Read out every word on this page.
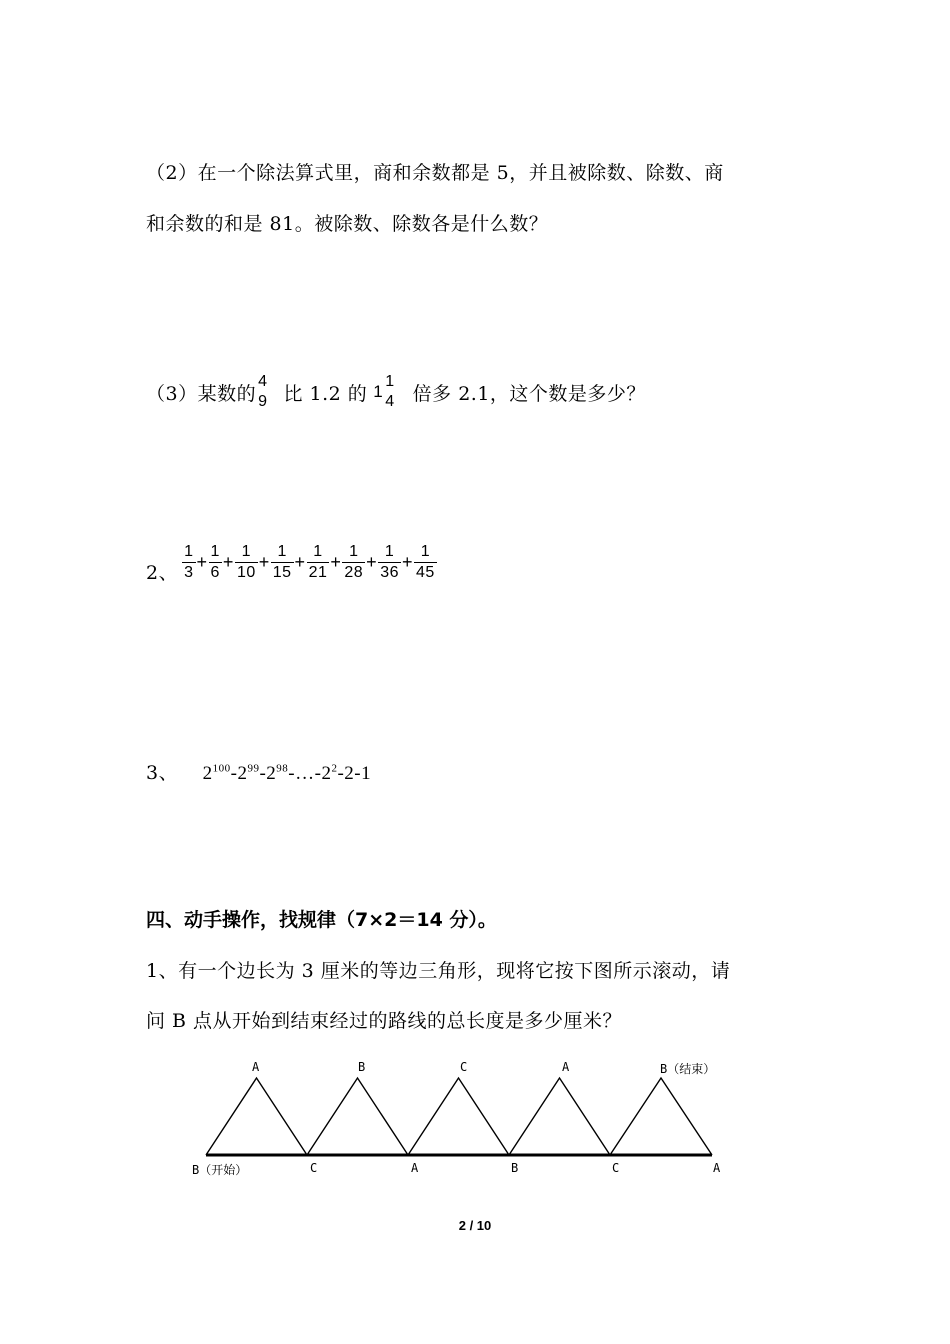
（2）在一个除法算式里，商和余数都是 5，并且被除数、除数、商
和余数的和是 81。被除数、除数各是什么数？
（3）某数的
4
9 比 1.2 的 1
1
4 倍多 2.1，这个数是多少？
2、 $\frac{1}{3} + \frac{1}{6} + \frac{1}{10} + \frac{1}{15} + \frac{1}{21} + \frac{1}{28} + \frac{1}{36} + \frac{1}{45}$
3、 $2^{100}-2^{99}-2^{98}-\dots-2^2-2-1$
四、动手操作，找规律（7×2＝14 分）。
1、有一个边长为 3 厘米的等边三角形，现将它按下图所示滚动，请
问 B 点从开始到结束经过的路线的总长度是多少厘米？
A	B	C	A	B（结束）
B（开始）	C	A	B	C	A
2 / 10
